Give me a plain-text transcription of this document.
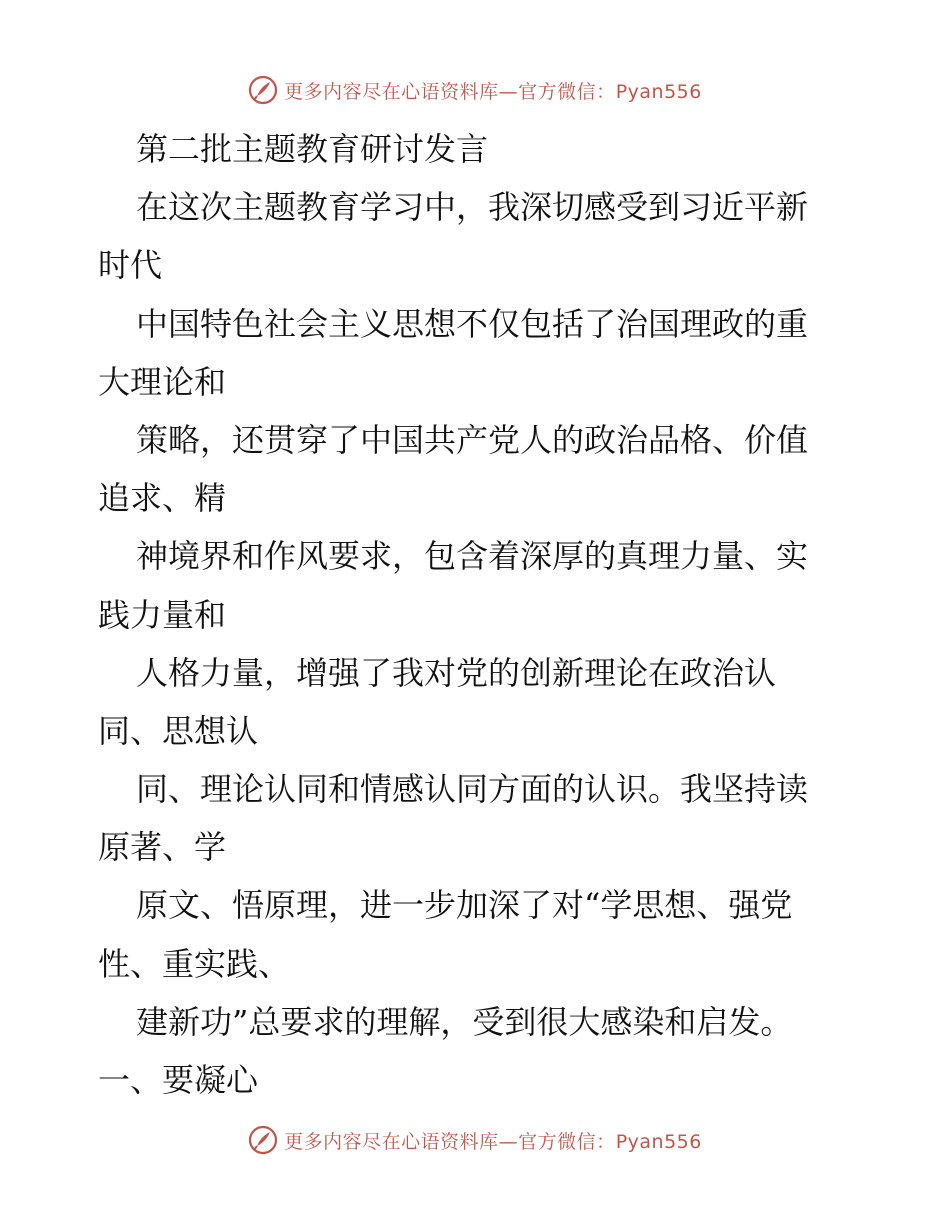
更多内容尽在心语资料库—官方微信：Pyan556
第二批主题教育研讨发言
在这次主题教育学习中，我深切感受到习近平新
时代
中国特色社会主义思想不仅包括了治国理政的重
大理论和
策略，还贯穿了中国共产党人的政治品格、价值
追求、精
神境界和作风要求，包含着深厚的真理力量、实
践力量和
人格力量，增强了我对党的创新理论在政治认
同、思想认
同、理论认同和情感认同方面的认识。我坚持读
原著、学
原文、悟原理，进一步加深了对“学思想、强党
性、重实践、
建新功”总要求的理解，受到很大感染和启发。
一、要凝心
更多内容尽在心语资料库—官方微信：Pyan556
